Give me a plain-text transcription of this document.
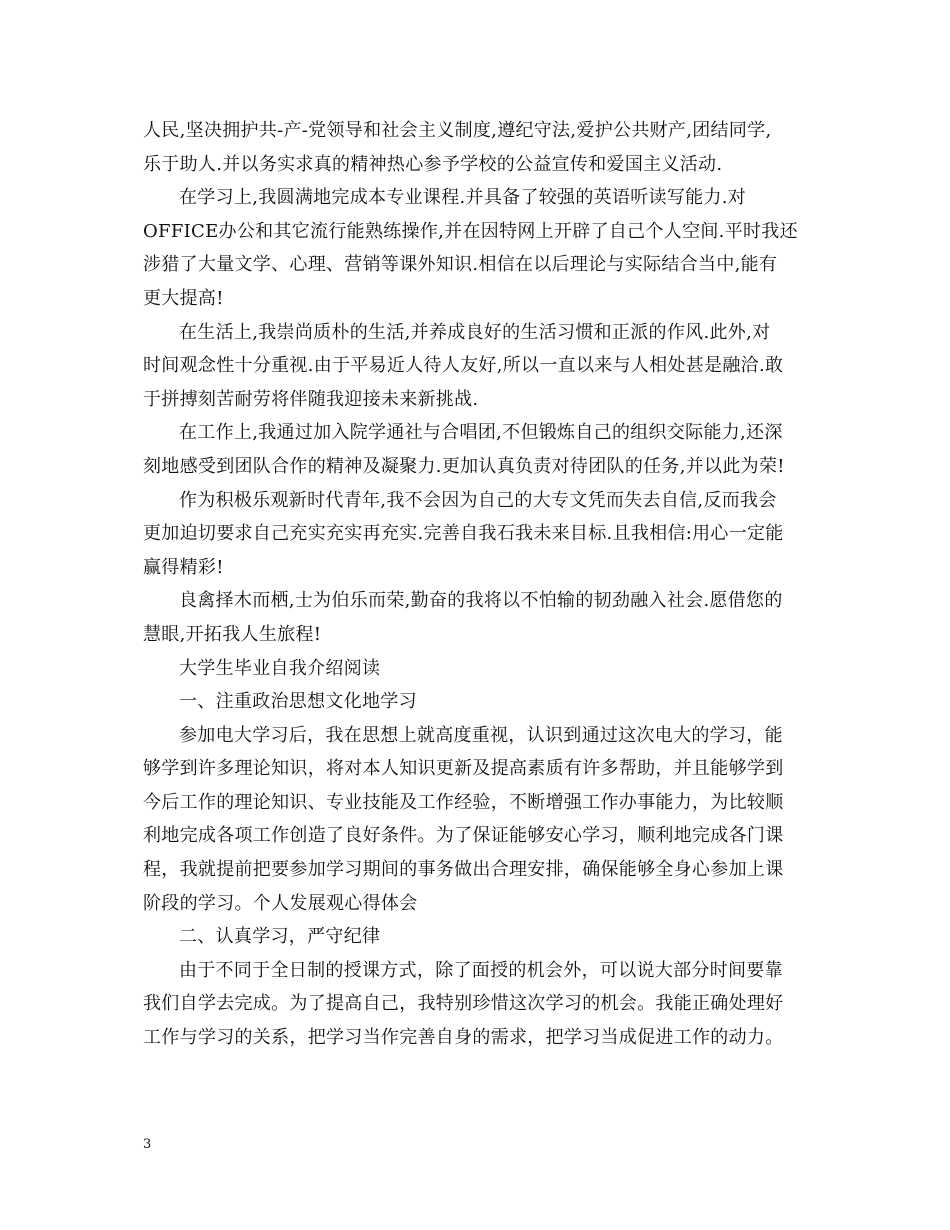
人民,坚决拥护共-产-党领导和社会主义制度,遵纪守法,爱护公共财产,团结同学,
乐于助人.并以务实求真的精神热心参予学校的公益宣传和爱国主义活动.
在学习上,我圆满地完成本专业课程.并具备了较强的英语听读写能力.对
OFFICE办公和其它流行能熟练操作,并在因特网上开辟了自己个人空间.平时我还
涉猎了大量文学、心理、营销等课外知识.相信在以后理论与实际结合当中,能有
更大提高!
在生活上,我崇尚质朴的生活,并养成良好的生活习惯和正派的作风.此外,对
时间观念性十分重视.由于平易近人待人友好,所以一直以来与人相处甚是融洽.敢
于拼搏刻苦耐劳将伴随我迎接未来新挑战.
在工作上,我通过加入院学通社与合唱团,不但锻炼自己的组织交际能力,还深
刻地感受到团队合作的精神及凝聚力.更加认真负责对待团队的任务,并以此为荣!
作为积极乐观新时代青年,我不会因为自己的大专文凭而失去自信,反而我会
更加迫切要求自己充实充实再充实.完善自我石我未来目标.且我相信:用心一定能
赢得精彩!
良禽择木而栖,士为伯乐而荣,勤奋的我将以不怕输的韧劲融入社会.愿借您的
慧眼,开拓我人生旅程!
大学生毕业自我介绍阅读
一、注重政治思想文化地学习
参加电大学习后，我在思想上就高度重视，认识到通过这次电大的学习，能
够学到许多理论知识，将对本人知识更新及提高素质有许多帮助，并且能够学到
今后工作的理论知识、专业技能及工作经验，不断增强工作办事能力，为比较顺
利地完成各项工作创造了良好条件。为了保证能够安心学习，顺利地完成各门课
程，我就提前把要参加学习期间的事务做出合理安排，确保能够全身心参加上课
阶段的学习。个人发展观心得体会
二、认真学习，严守纪律
由于不同于全日制的授课方式，除了面授的机会外，可以说大部分时间要靠
我们自学去完成。为了提高自己，我特别珍惜这次学习的机会。我能正确处理好
工作与学习的关系，把学习当作完善自身的需求，把学习当成促进工作的动力。
3
